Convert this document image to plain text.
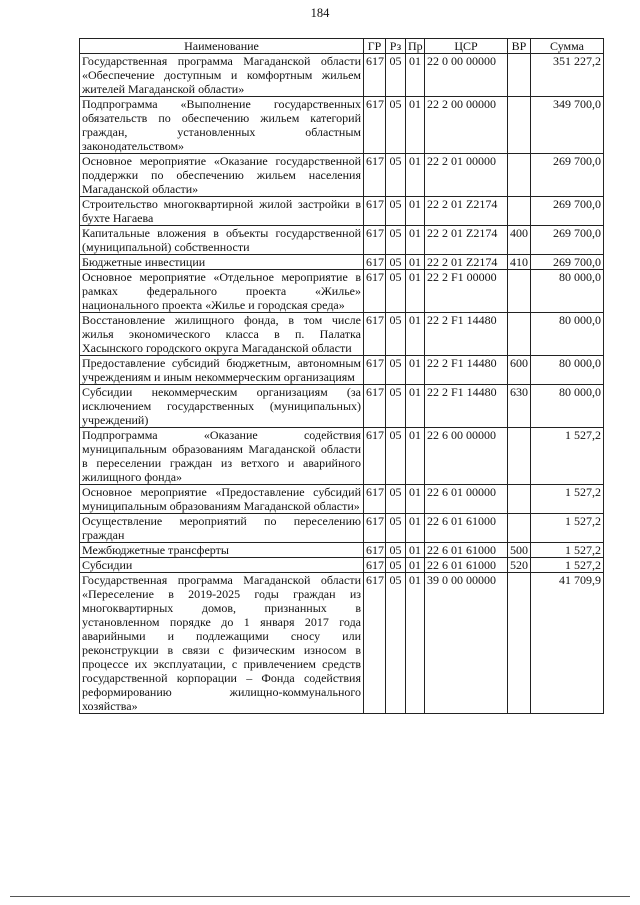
184
Наименование	ГР	Рз	Пр	ЦСР	ВР	Сумма
Государственная программа Магаданской области «Обеспечение доступным и комфортным жильем жителей Магаданской области»	617	05	01	22 0 00 00000		351 227,2
Подпрограмма «Выполнение государственных обязательств по обеспечению жильем категорий граждан, установленных областным законодательством»	617	05	01	22 2 00 00000		349 700,0
Основное мероприятие «Оказание государственной поддержки по обеспечению жильем населения Магаданской области»	617	05	01	22 2 01 00000		269 700,0
Строительство многоквартирной жилой застройки в бухте Нагаева	617	05	01	22 2 01 Z2174		269 700,0
Капитальные вложения в объекты государственной (муниципальной) собственности	617	05	01	22 2 01 Z2174	400	269 700,0
Бюджетные инвестиции	617	05	01	22 2 01 Z2174	410	269 700,0
Основное мероприятие «Отдельное мероприятие в рамках федерального проекта «Жилье» национального проекта «Жилье и городская среда»	617	05	01	22 2 F1 00000		80 000,0
Восстановление жилищного фонда, в том числе жилья экономического класса в п. Палатка Хасынского городского округа Магаданской области	617	05	01	22 2 F1 14480		80 000,0
Предоставление субсидий бюджетным, автономным учреждениям и иным некоммерческим организациям	617	05	01	22 2 F1 14480	600	80 000,0
Субсидии некоммерческим организациям (за исключением государственных (муниципальных) учреждений)	617	05	01	22 2 F1 14480	630	80 000,0
Подпрограмма «Оказание содействия муниципальным образованиям Магаданской области в переселении граждан из ветхого и аварийного жилищного фонда»	617	05	01	22 6 00 00000		1 527,2
Основное мероприятие «Предоставление субсидий муниципальным образованиям Магаданской области»	617	05	01	22 6 01 00000		1 527,2
Осуществление мероприятий по переселению граждан	617	05	01	22 6 01 61000		1 527,2
Межбюджетные трансферты	617	05	01	22 6 01 61000	500	1 527,2
Субсидии	617	05	01	22 6 01 61000	520	1 527,2
Государственная программа Магаданской области «Переселение в 2019-2025 годы граждан из многоквартирных домов, признанных в установленном порядке до 1 января 2017 года аварийными и подлежащими сносу или реконструкции в связи с физическим износом в процессе их эксплуатации, с привлечением средств государственной корпорации – Фонда содействия реформированию жилищно-коммунального хозяйства»	617	05	01	39 0 00 00000		41 709,9
